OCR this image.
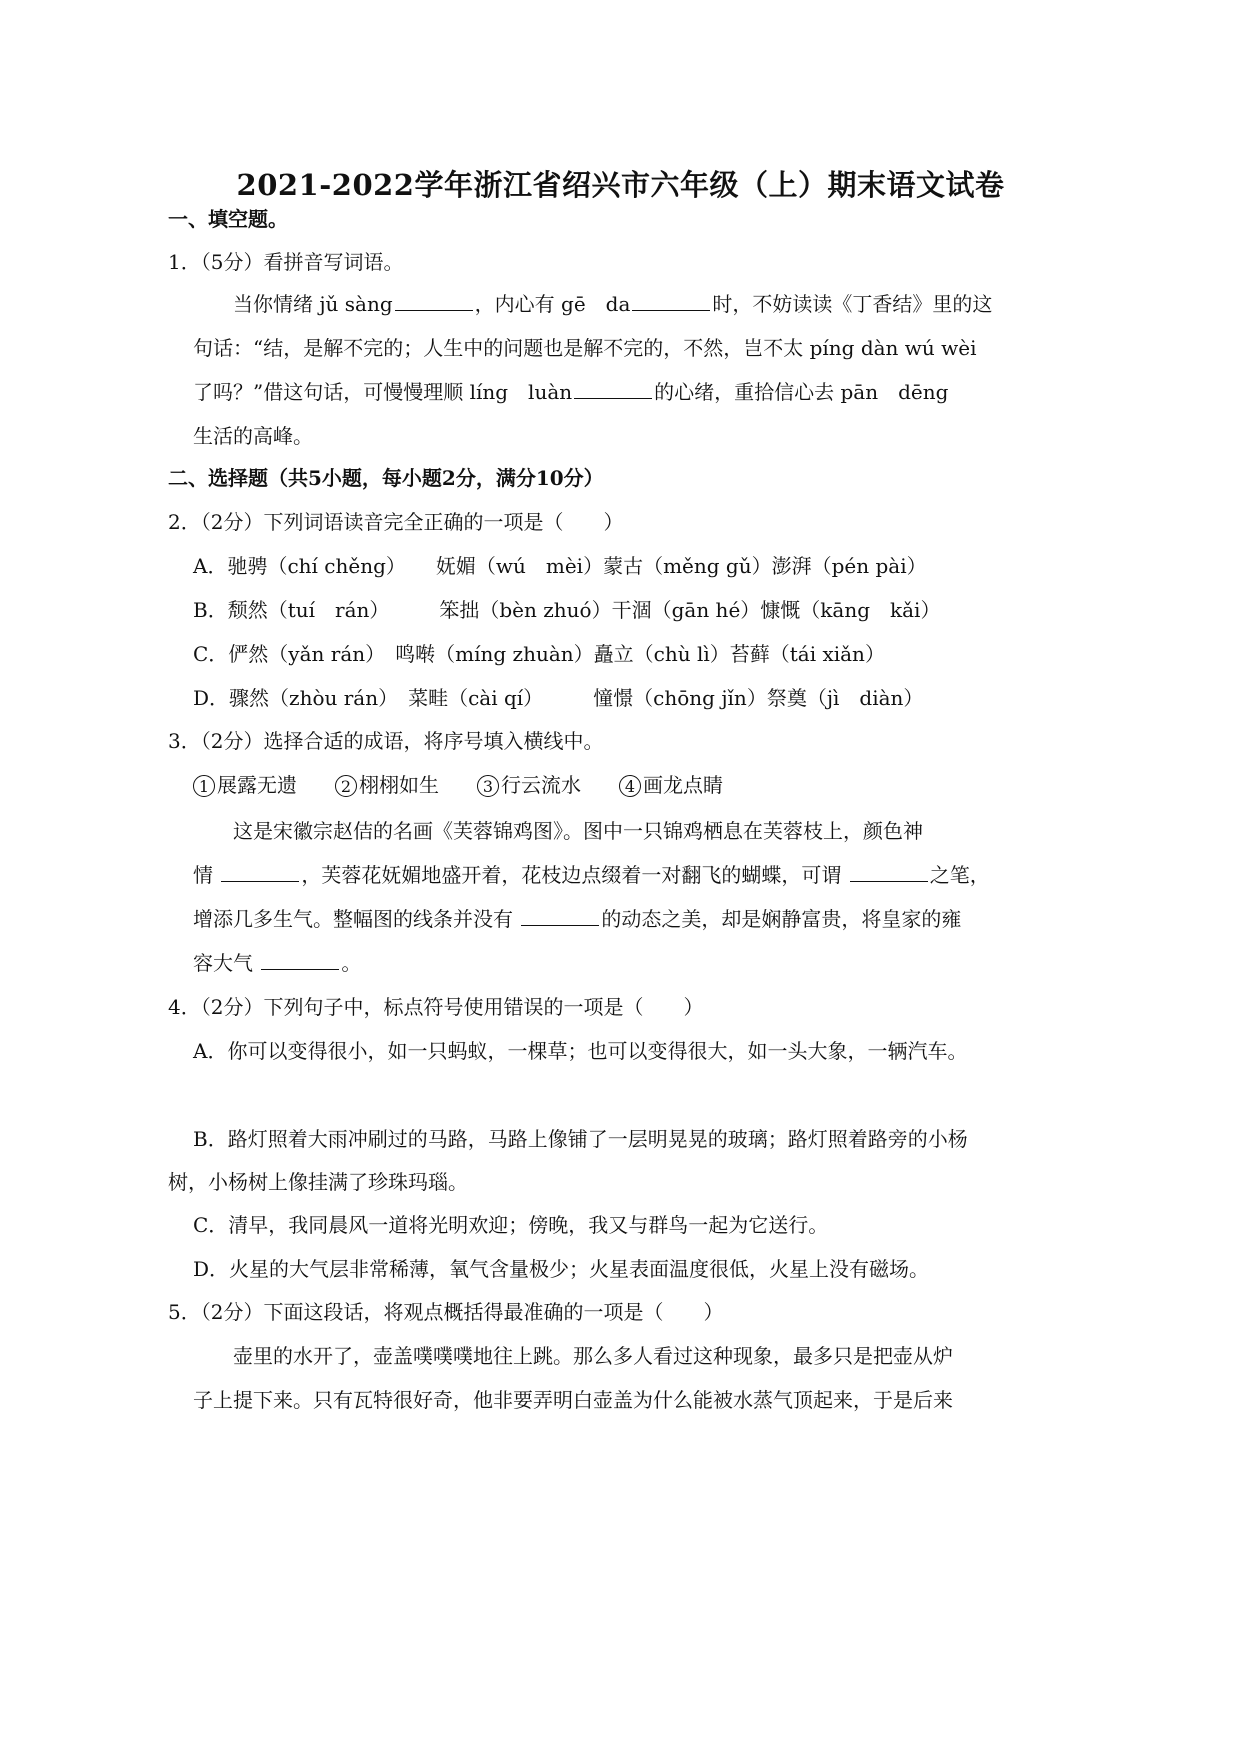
2021-2022学年浙江省绍兴市六年级（上）期末语文试卷
一、填空题。
1．（5分）看拼音写词语。
当你情绪 jǔ sàng	，内心有 gē　da	时，不妨读读《丁香结》里的这
句话：“结，是解不完的；人生中的问题也是解不完的，不然，岂不太 píng dàn wú wèi
了吗？”借这句话，可慢慢理顺 líng　luàn	的心绪，重拾信心去 pān　dēng
生活的高峰。
二、选择题（共5小题，每小题2分，满分10分）
2．（2分）下列词语读音完全正确的一项是（　　）
A．驰骋（chí chěng）　　妩媚（wú　mèi）蒙古（měng gǔ）澎湃（pén pài）
B．颓然（tuí　rán）　　　笨拙（bèn zhuó）干涸（gān hé）慷慨（kāng　kǎi）
C．俨然（yǎn rán）　鸣啭（míng zhuàn）矗立（chù lì）苔藓（tái xiǎn）
D．骤然（zhòu rán）　菜畦（cài qí）　　　憧憬（chōng jǐn）祭奠（jì　diàn）
3．（2分）选择合适的成语，将序号填入横线中。
1 展露无遗	2 栩栩如生	3 行云流水	4 画龙点睛
这是宋徽宗赵佶的名画《芙蓉锦鸡图》。图中一只锦鸡栖息在芙蓉枝上，颜色神
情	，芙蓉花妩媚地盛开着，花枝边点缀着一对翻飞的蝴蝶，可谓	之笔，
增添几多生气。整幅图的线条并没有	的动态之美，却是娴静富贵，将皇家的雍
容大气	。
4．（2分）下列句子中，标点符号使用错误的一项是（　　）
A．你可以变得很小，如一只蚂蚁，一棵草；也可以变得很大，如一头大象，一辆汽车。
B．路灯照着大雨冲刷过的马路，马路上像铺了一层明晃晃的玻璃；路灯照着路旁的小杨
树，小杨树上像挂满了珍珠玛瑙。
C．清早，我同晨风一道将光明欢迎；傍晚，我又与群鸟一起为它送行。
D．火星的大气层非常稀薄，氧气含量极少；火星表面温度很低，火星上没有磁场。
5．（2分）下面这段话，将观点概括得最准确的一项是（　　）
壶里的水开了，壶盖噗噗噗地往上跳。那么多人看过这种现象，最多只是把壶从炉
子上提下来。只有瓦特很好奇，他非要弄明白壶盖为什么能被水蒸气顶起来，于是后来
